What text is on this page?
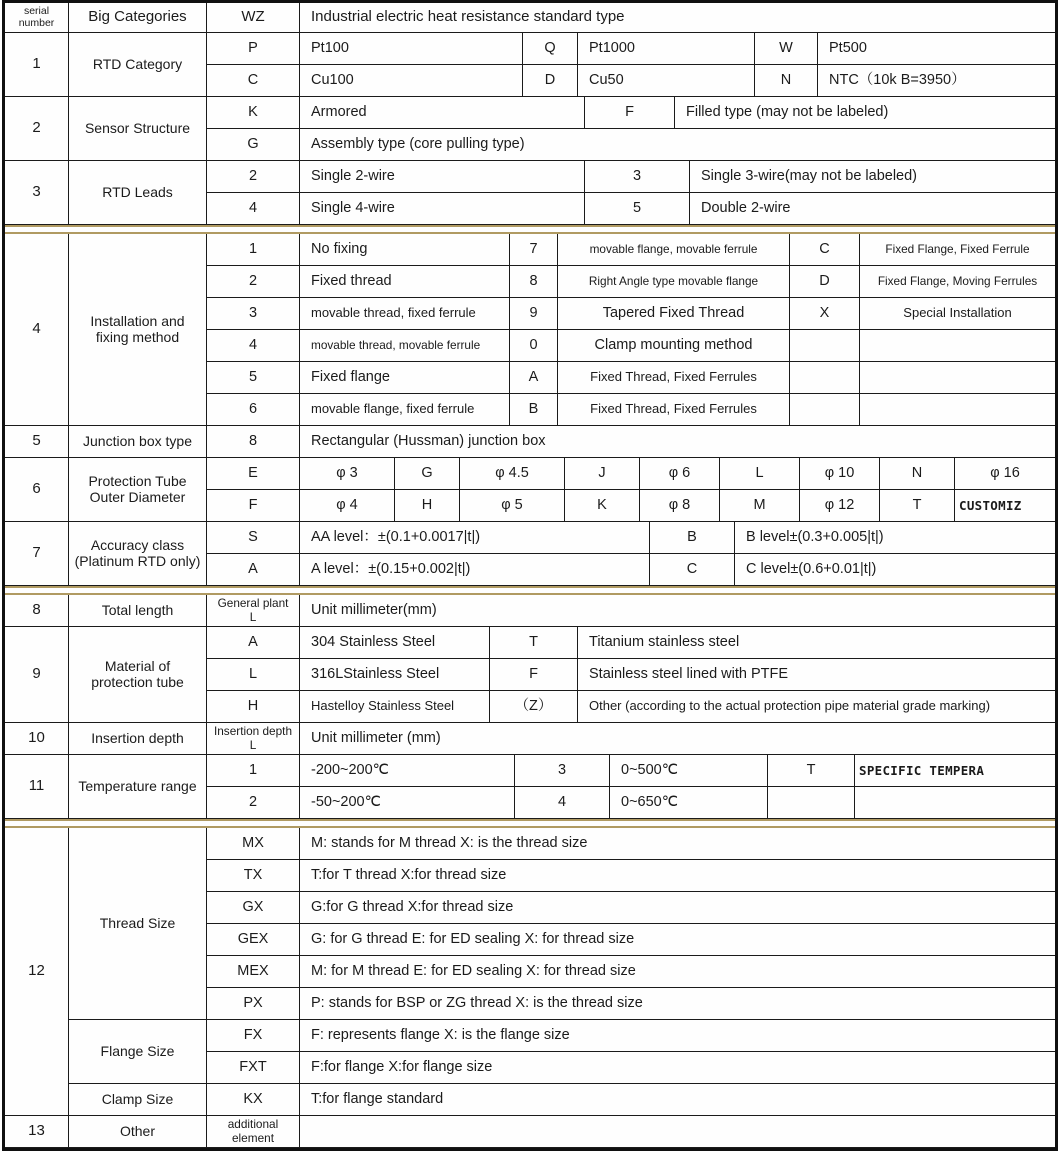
serial number	Big Categories	WZ	Industrial electric heat resistance standard type
1	RTD Category
P	Pt100	Q	Pt1000	W	Pt500
C	Cu100	D	Cu50	N	NTC（10k B=3950）
2	Sensor Structure
K	Armored	F	Filled type (may not be labeled)
G	Assembly type (core pulling type)
3	RTD Leads
2	Single 2-wire	3	Single 3-wire(may not be labeled)
4	Single 4-wire	5	Double 2-wire
4	Installation and fixing method
1	No fixing	7	movable flange, movable ferrule	C	Fixed Flange, Fixed Ferrule
2	Fixed thread	8	Right Angle type movable flange	D	Fixed Flange, Moving Ferrules
3	movable thread, fixed ferrule	9	Tapered Fixed Thread	X	Special Installation
4	movable thread, movable ferrule	0	Clamp mounting method
5	Fixed flange	A	Fixed Thread, Fixed Ferrules
6	movable flange, fixed ferrule	B	Fixed Thread, Fixed Ferrules
5	Junction box type	8	Rectangular (Hussman) junction box
6	Protection Tube Outer Diameter
E	φ 3	G	φ 4.5	J	φ 6	L	φ 10	N	φ 16
F	φ 4	H	φ 5	K	φ 8	M	φ 12	T	CUSTOMIZ
7	Accuracy class (Platinum RTD only)
S	AA level：±(0.1+0.0017|t|)	B	B level±(0.3+0.005|t|)
A	A level：±(0.15+0.002|t|)	C	C level±(0.6+0.01|t|)
8	Total length	General plant L	Unit millimeter(mm)
9	Material of protection tube
A	304 Stainless Steel	T	Titanium stainless steel
L	316LStainless Steel	F	Stainless steel lined with PTFE
H	Hastelloy Stainless Steel	（Z）	Other (according to the actual protection pipe material grade marking)
10	Insertion depth	Insertion depth L	Unit millimeter (mm)
11	Temperature range
1	-200~200℃	3	0~500℃	T	SPECIFIC TEMPERA
2	-50~200℃	4	0~650℃
12
Thread Size
MX	M: stands for M thread X: is the thread size
TX	T:for T thread X:for thread size
GX	G:for G thread X:for thread size
GEX	G: for G thread E: for ED sealing X: for thread size
MEX	M: for M thread E: for ED sealing X: for thread size
PX	P: stands for BSP or ZG thread X: is the thread size
Flange Size
FX	F: represents flange X: is the flange size
FXT	F:for flange X:for flange size
Clamp Size	KX	T:for flange standard
13	Other	additional element
